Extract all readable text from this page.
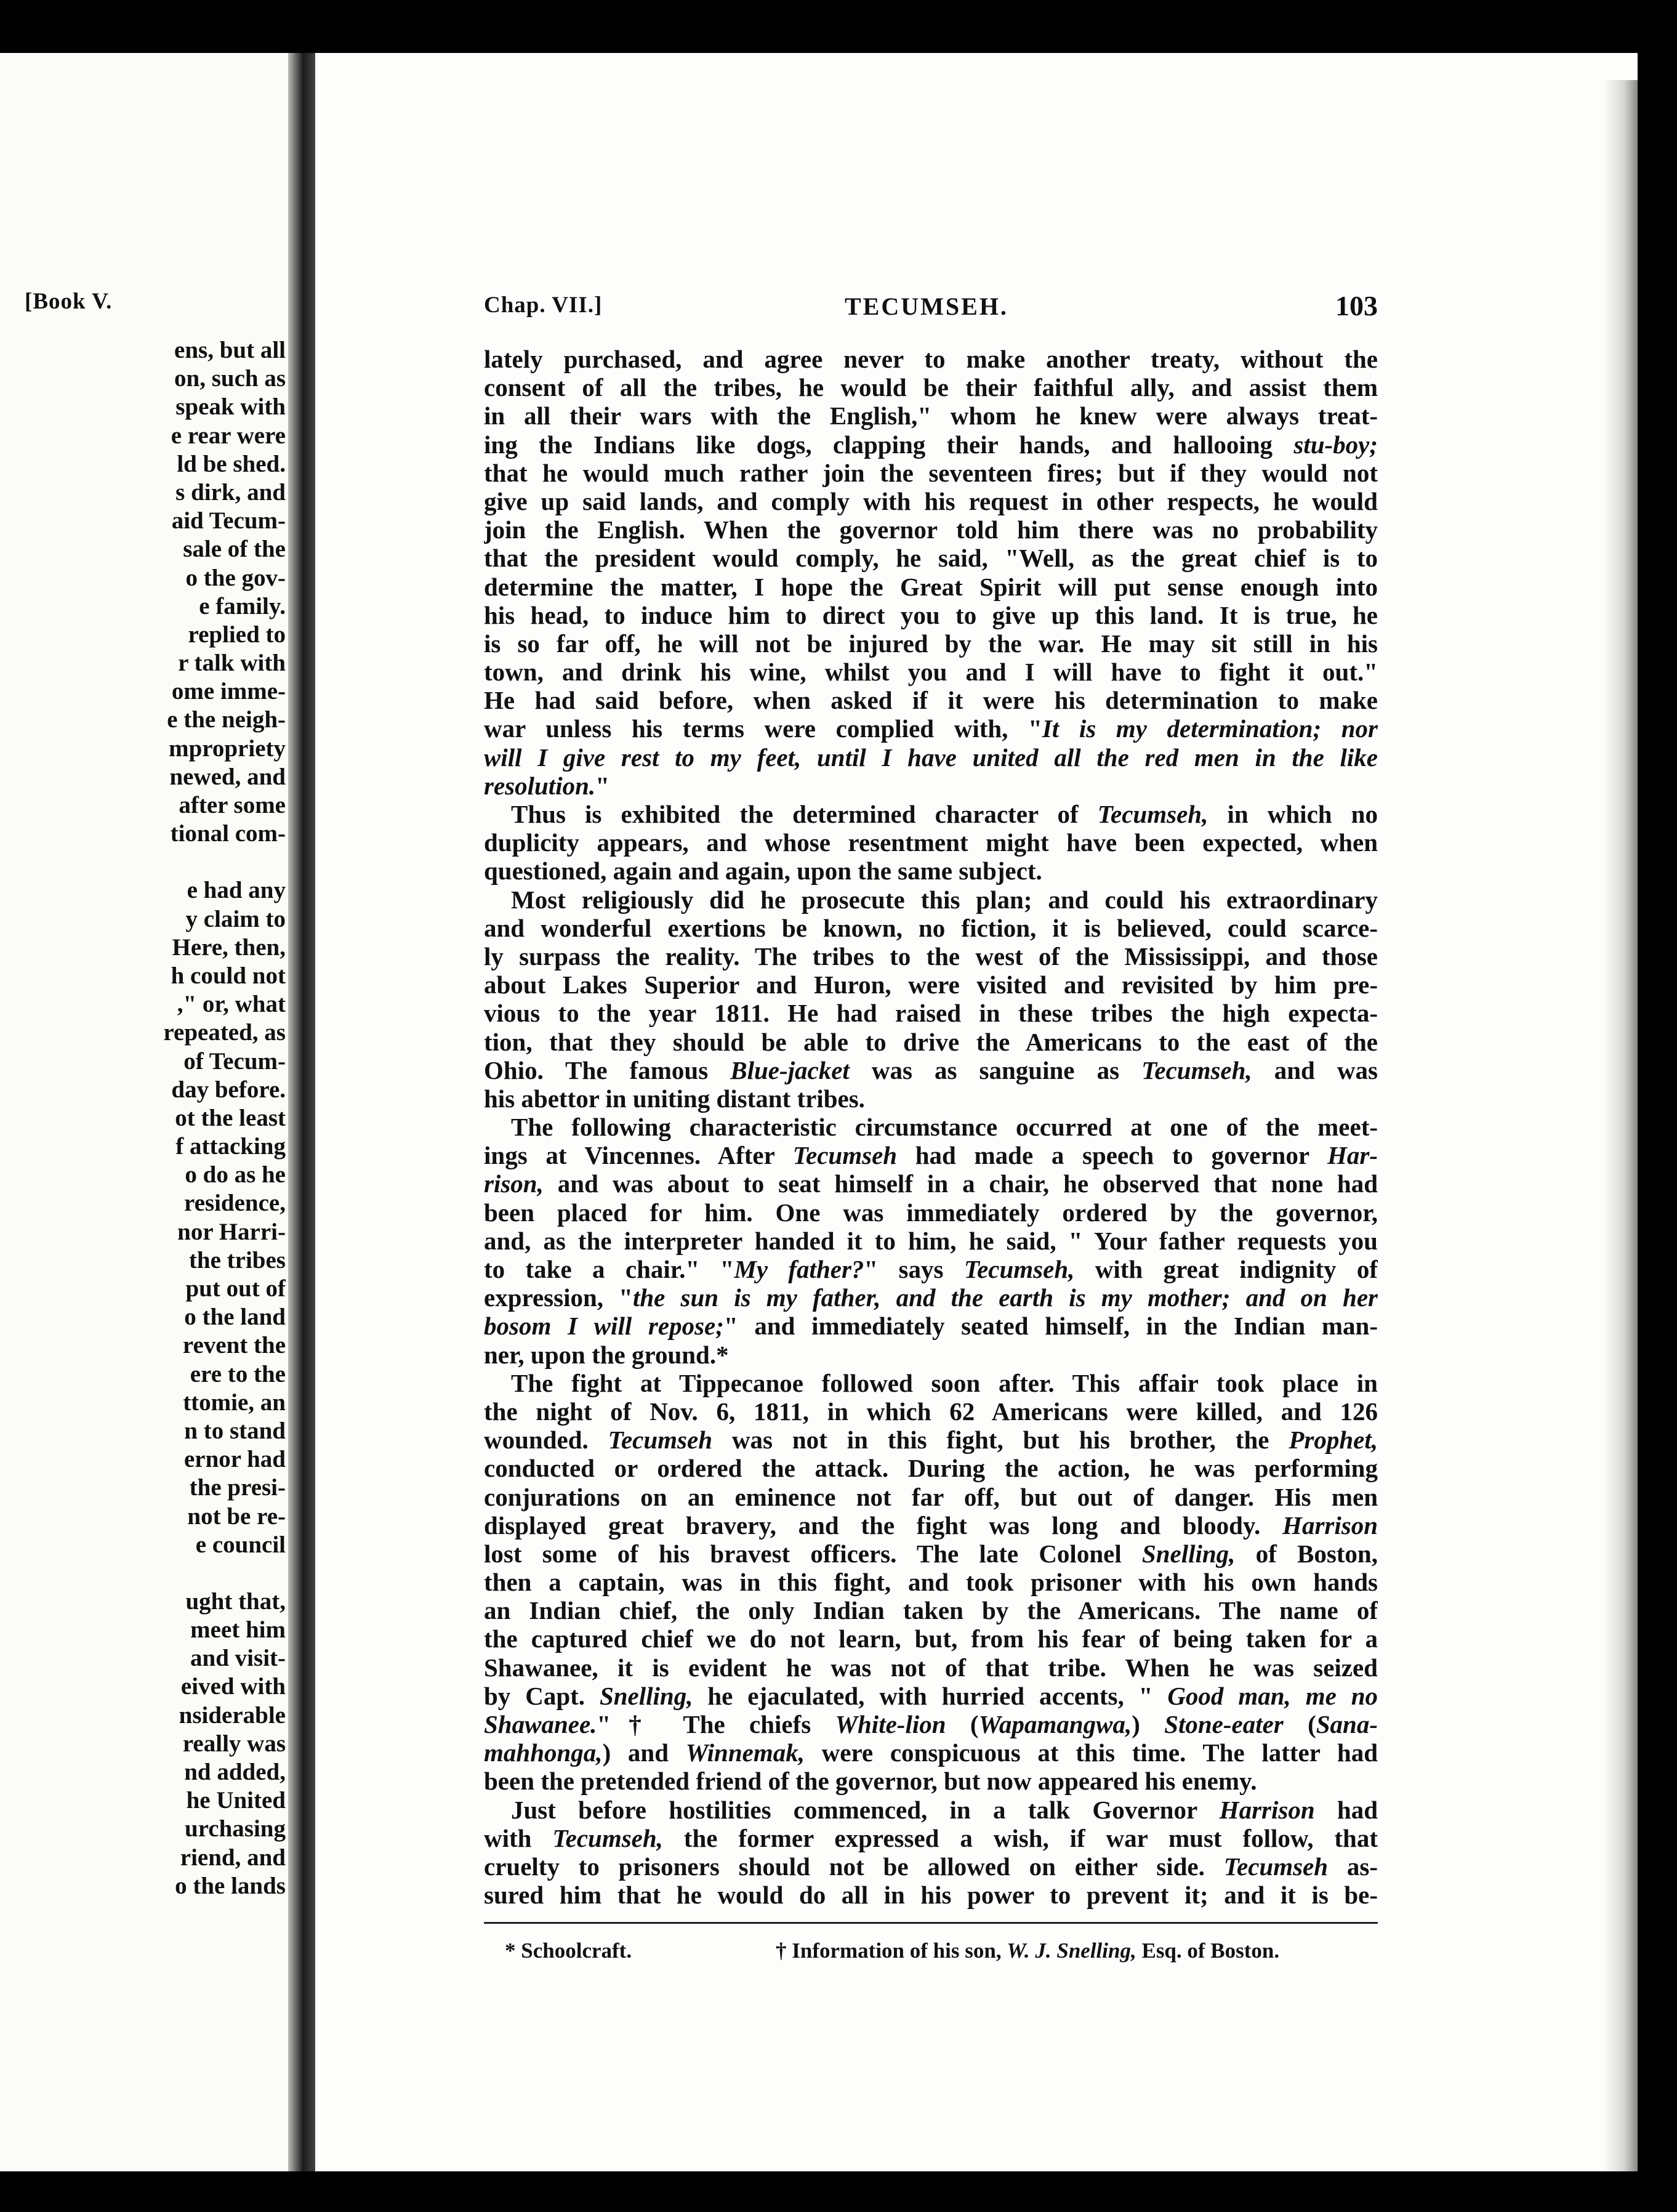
[Book V.
ens, but all
on, such as
speak with
e rear were
ld be shed.
s dirk, and
aid Tecum-
sale of the
o the gov-
e family.
replied to
r talk with
ome imme-
e the neigh-
mpropriety
newed, and
after some
tional com-
e had any
y claim to
Here, then,
h could not
," or, what
repeated, as
of Tecum-
day before.
ot the least
f attacking
o do as he
residence,
nor Harri-
the tribes
put out of
o the land
revent the
ere to the
ttomie, an
n to stand
ernor had
the presi-
not be re-
e council
ught that,
meet him
and visit-
eived with
nsiderable
really was
nd added,
he United
urchasing
riend, and
o the lands
Chap. VII.]	TECUMSEH.	103
lately purchased, and agree never to make another treaty, without the
consent of all the tribes, he would be their faithful ally, and assist them
in all their wars with the English," whom he knew were always treat-
ing the Indians like dogs, clapping their hands, and hallooing stu-boy;
that he would much rather join the seventeen fires; but if they would not
give up said lands, and comply with his request in other respects, he would
join the English. When the governor told him there was no probability
that the president would comply, he said, "Well, as the great chief is to
determine the matter, I hope the Great Spirit will put sense enough into
his head, to induce him to direct you to give up this land. It is true, he
is so far off, he will not be injured by the war. He may sit still in his
town, and drink his wine, whilst you and I will have to fight it out."
He had said before, when asked if it were his determination to make
war unless his terms were complied with, "It is my determination; nor
will I give rest to my feet, until I have united all the red men in the like
resolution."
Thus is exhibited the determined character of Tecumseh, in which no
duplicity appears, and whose resentment might have been expected, when
questioned, again and again, upon the same subject.
Most religiously did he prosecute this plan; and could his extraordinary
and wonderful exertions be known, no fiction, it is believed, could scarce-
ly surpass the reality. The tribes to the west of the Mississippi, and those
about Lakes Superior and Huron, were visited and revisited by him pre-
vious to the year 1811. He had raised in these tribes the high expecta-
tion, that they should be able to drive the Americans to the east of the
Ohio. The famous Blue-jacket was as sanguine as Tecumseh, and was
his abettor in uniting distant tribes.
The following characteristic circumstance occurred at one of the meet-
ings at Vincennes. After Tecumseh had made a speech to governor Har-
rison, and was about to seat himself in a chair, he observed that none had
been placed for him. One was immediately ordered by the governor,
and, as the interpreter handed it to him, he said, " Your father requests you
to take a chair." "My father?" says Tecumseh, with great indignity of
expression, "the sun is my father, and the earth is my mother; and on her
bosom I will repose;" and immediately seated himself, in the Indian man-
ner, upon the ground.*
The fight at Tippecanoe followed soon after. This affair took place in
the night of Nov. 6, 1811, in which 62 Americans were killed, and 126
wounded. Tecumseh was not in this fight, but his brother, the Prophet,
conducted or ordered the attack. During the action, he was performing
conjurations on an eminence not far off, but out of danger. His men
displayed great bravery, and the fight was long and bloody. Harrison
lost some of his bravest officers. The late Colonel Snelling, of Boston,
then a captain, was in this fight, and took prisoner with his own hands
an Indian chief, the only Indian taken by the Americans. The name of
the captured chief we do not learn, but, from his fear of being taken for a
Shawanee, it is evident he was not of that tribe. When he was seized
by Capt. Snelling, he ejaculated, with hurried accents, " Good man, me no
Shawanee."† The chiefs White-lion (Wapamangwa,) Stone-eater (Sana-
mahhonga,) and Winnemak, were conspicuous at this time. The latter had
been the pretended friend of the governor, but now appeared his enemy.
Just before hostilities commenced, in a talk Governor Harrison had
with Tecumseh, the former expressed a wish, if war must follow, that
cruelty to prisoners should not be allowed on either side. Tecumseh as-
sured him that he would do all in his power to prevent it; and it is be-
* Schoolcraft.	† Information of his son, W. J. Snelling, Esq. of Boston.
